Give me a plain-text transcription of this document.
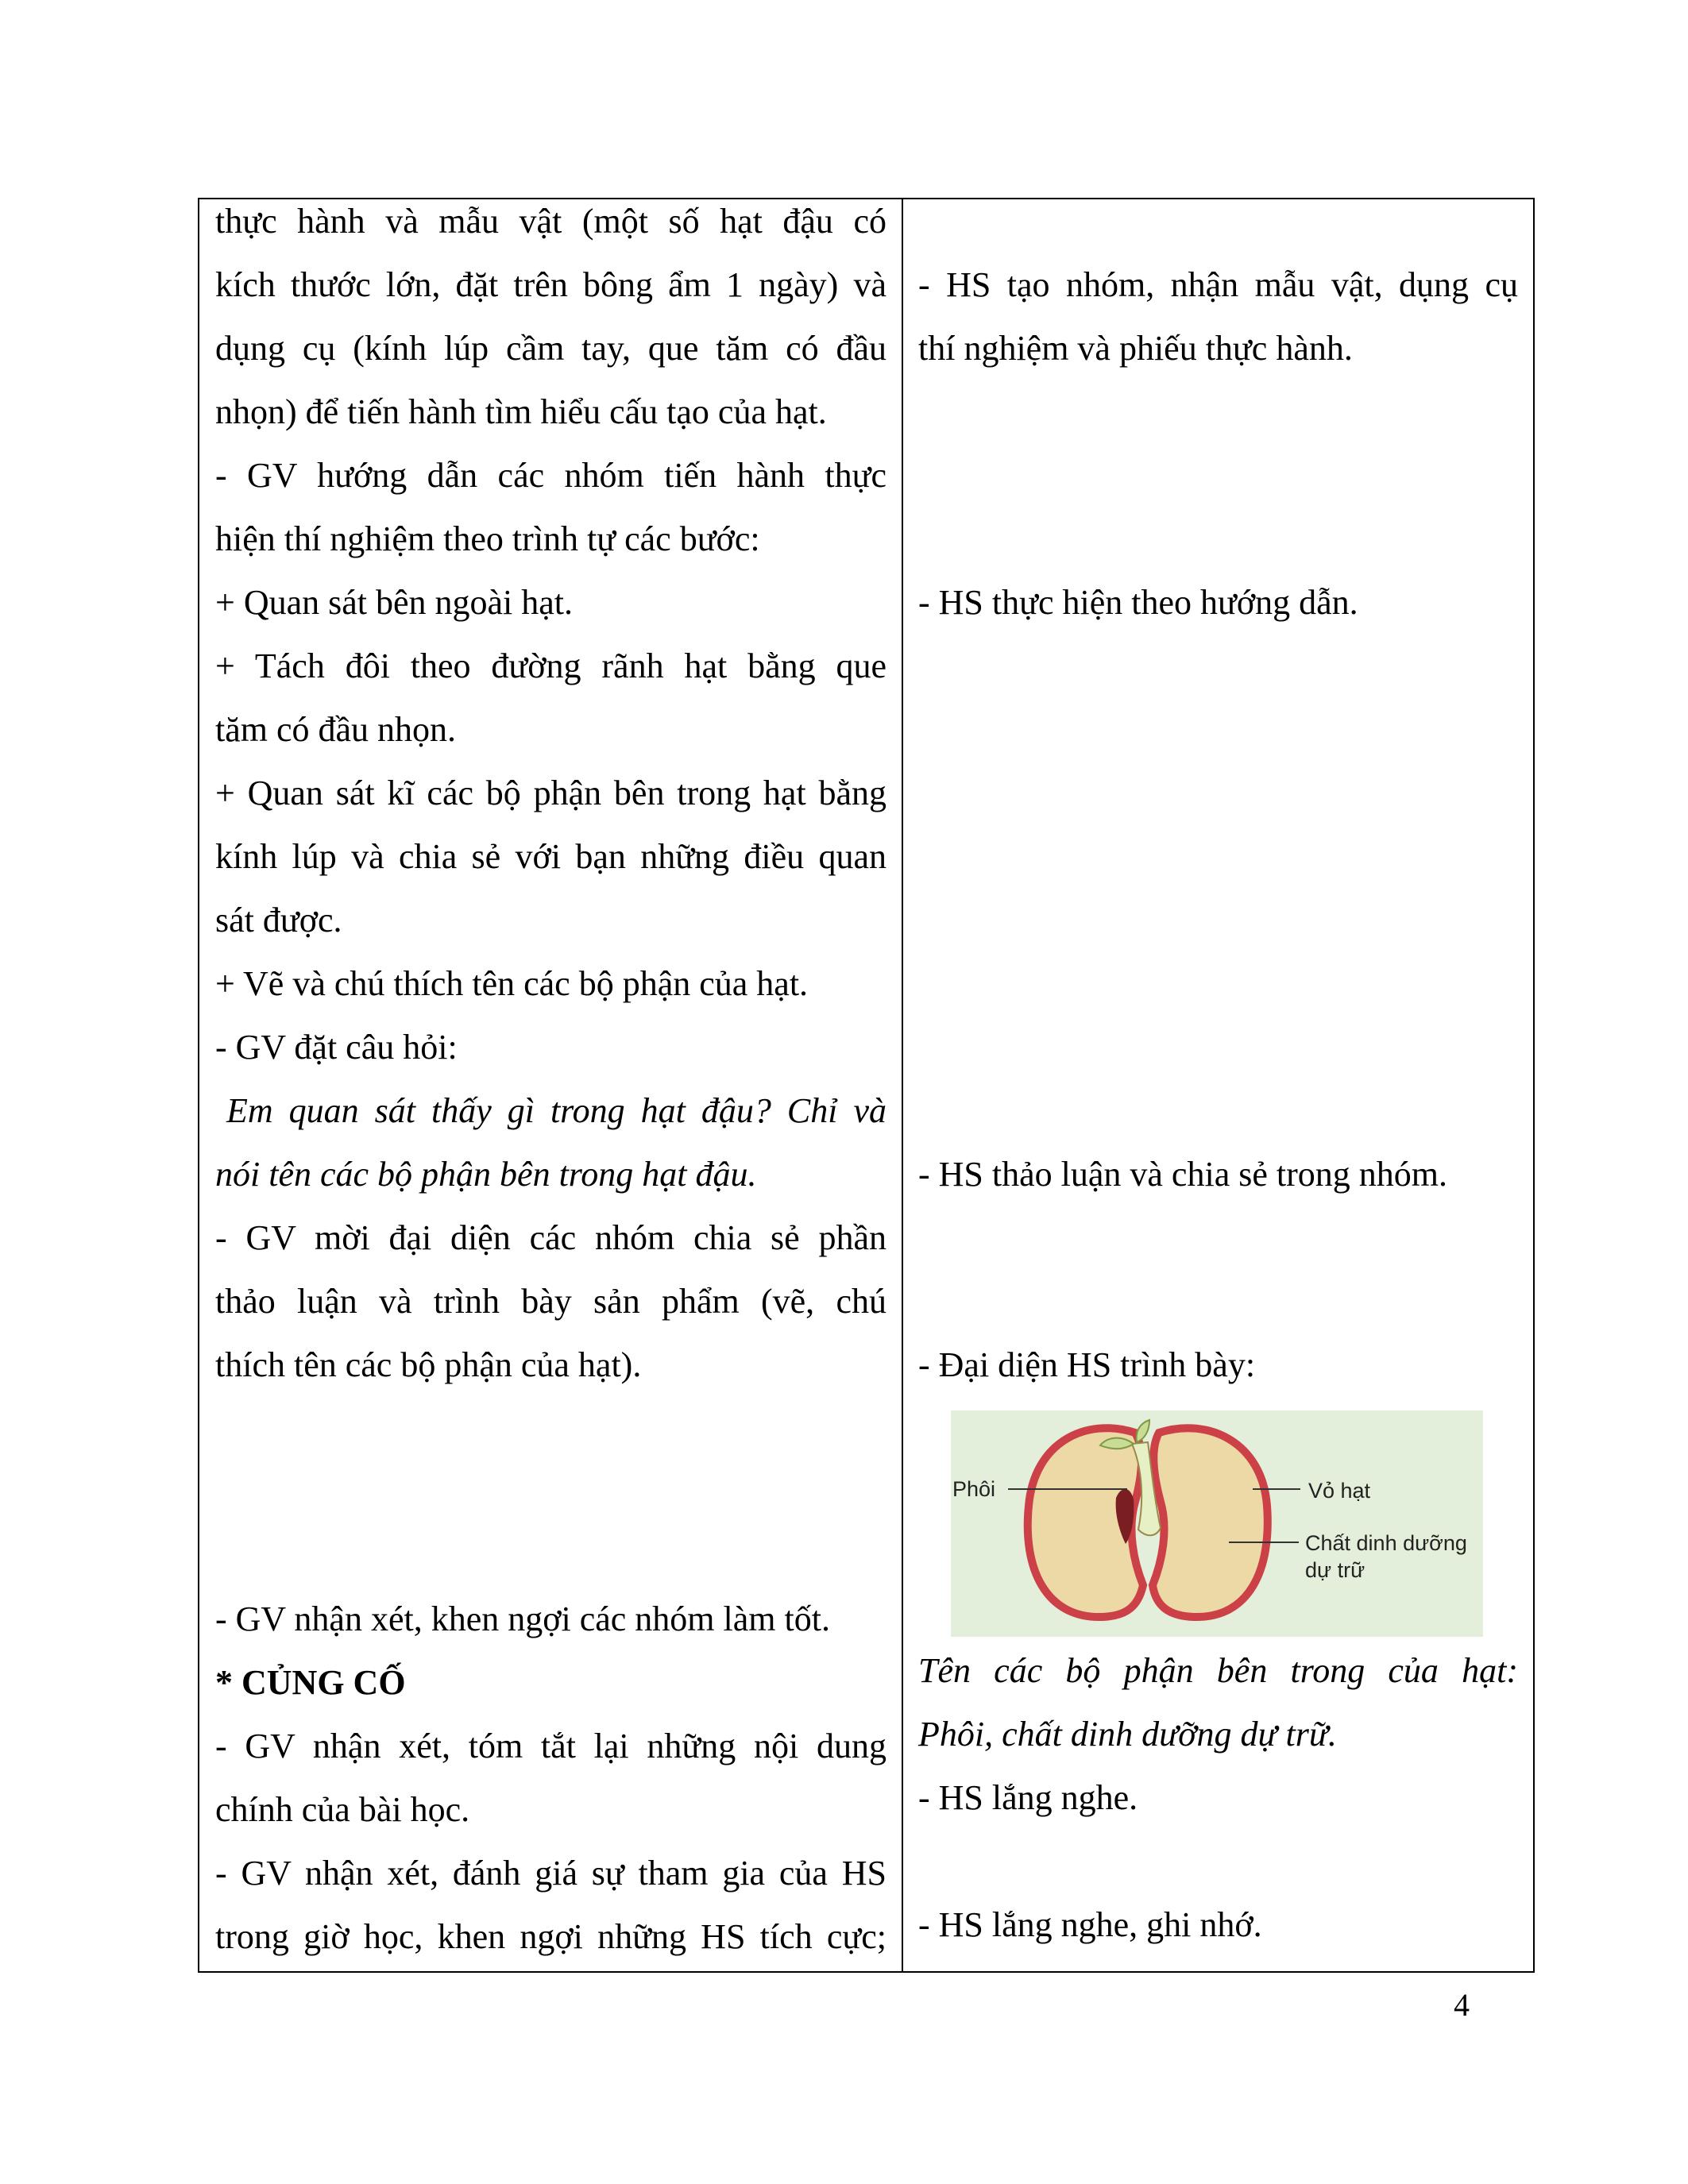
thực hành và mẫu vật (một số hạt đậu có
kích thước lớn, đặt trên bông ẩm 1 ngày) và
dụng cụ (kính lúp cầm tay, que tăm có đầu
nhọn) để tiến hành tìm hiểu cấu tạo của hạt.
- GV hướng dẫn các nhóm tiến hành thực
hiện thí nghiệm theo trình tự các bước:
+ Quan sát bên ngoài hạt.
+ Tách đôi theo đường rãnh hạt bằng que
tăm có đầu nhọn.
+ Quan sát kĩ các bộ phận bên trong hạt bằng
kính lúp và chia sẻ với bạn những điều quan
sát được.
+ Vẽ và chú thích tên các bộ phận của hạt.
- GV đặt câu hỏi:
Em quan sát thấy gì trong hạt đậu? Chỉ và
nói tên các bộ phận bên trong hạt đậu.
- GV mời đại diện các nhóm chia sẻ phần
thảo luận và trình bày sản phẩm (vẽ, chú
thích tên các bộ phận của hạt).
- GV nhận xét, khen ngợi các nhóm làm tốt.
* CỦNG CỐ
- GV nhận xét, tóm tắt lại những nội dung
chính của bài học.
- GV nhận xét, đánh giá sự tham gia của HS
trong giờ học, khen ngợi những HS tích cực;
- HS tạo nhóm, nhận mẫu vật, dụng cụ
thí nghiệm và phiếu thực hành.
- HS thực hiện theo hướng dẫn.
- HS thảo luận và chia sẻ trong nhóm.
- Đại diện HS trình bày:
Tên các bộ phận bên trong của hạt:
Phôi, chất dinh dưỡng dự trữ.
- HS lắng nghe.
- HS lắng nghe, ghi nhớ.
Phôi	Vỏ hạt
Chất dinh dưỡng
dự trữ
4
